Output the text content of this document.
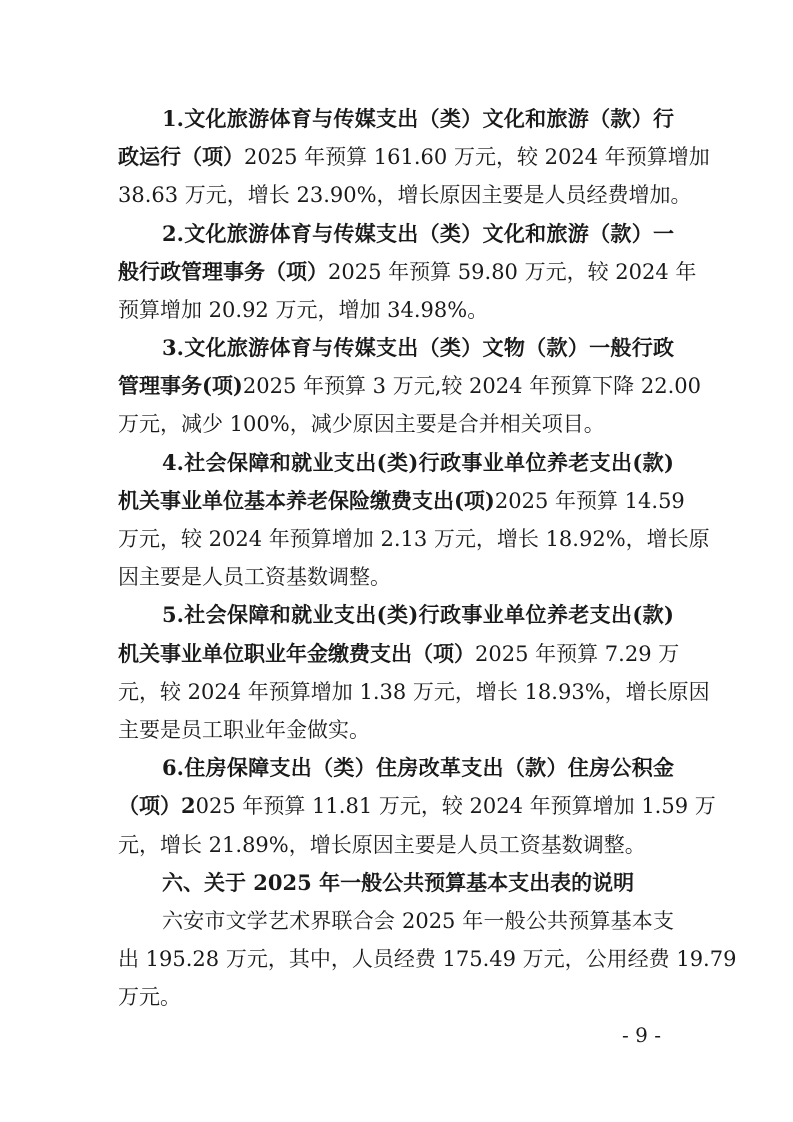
1.文化旅游体育与传媒支出（类）文化和旅游（款）行
政运行（项）2025 年预算 161.60 万元，较 2024 年预算增加
38.63 万元，增长 23.90%，增长原因主要是人员经费增加。
2.文化旅游体育与传媒支出（类）文化和旅游（款）一
般行政管理事务（项）2025 年预算 59.80 万元，较 2024 年
预算增加 20.92 万元，增加 34.98%。
3.文化旅游体育与传媒支出（类）文物（款）一般行政
管理事务(项)2025 年预算 3 万元,较 2024 年预算下降 22.00
万元，减少 100%，减少原因主要是合并相关项目。
4.社会保障和就业支出(类)行政事业单位养老支出(款)
机关事业单位基本养老保险缴费支出(项)2025 年预算 14.59
万元，较 2024 年预算增加 2.13 万元，增长 18.92%，增长原
因主要是人员工资基数调整。
5.社会保障和就业支出(类)行政事业单位养老支出(款)
机关事业单位职业年金缴费支出（项）2025 年预算 7.29 万
元，较 2024 年预算增加 1.38 万元，增长 18.93%，增长原因
主要是员工职业年金做实。
6.住房保障支出（类）住房改革支出（款）住房公积金
（项）2025 年预算 11.81 万元，较 2024 年预算增加 1.59 万
元，增长 21.89%，增长原因主要是人员工资基数调整。
六、关于 2025 年一般公共预算基本支出表的说明
六安市文学艺术界联合会 2025 年一般公共预算基本支
出 195.28 万元，其中，人员经费 175.49 万元，公用经费 19.79
万元。
- 9 -
